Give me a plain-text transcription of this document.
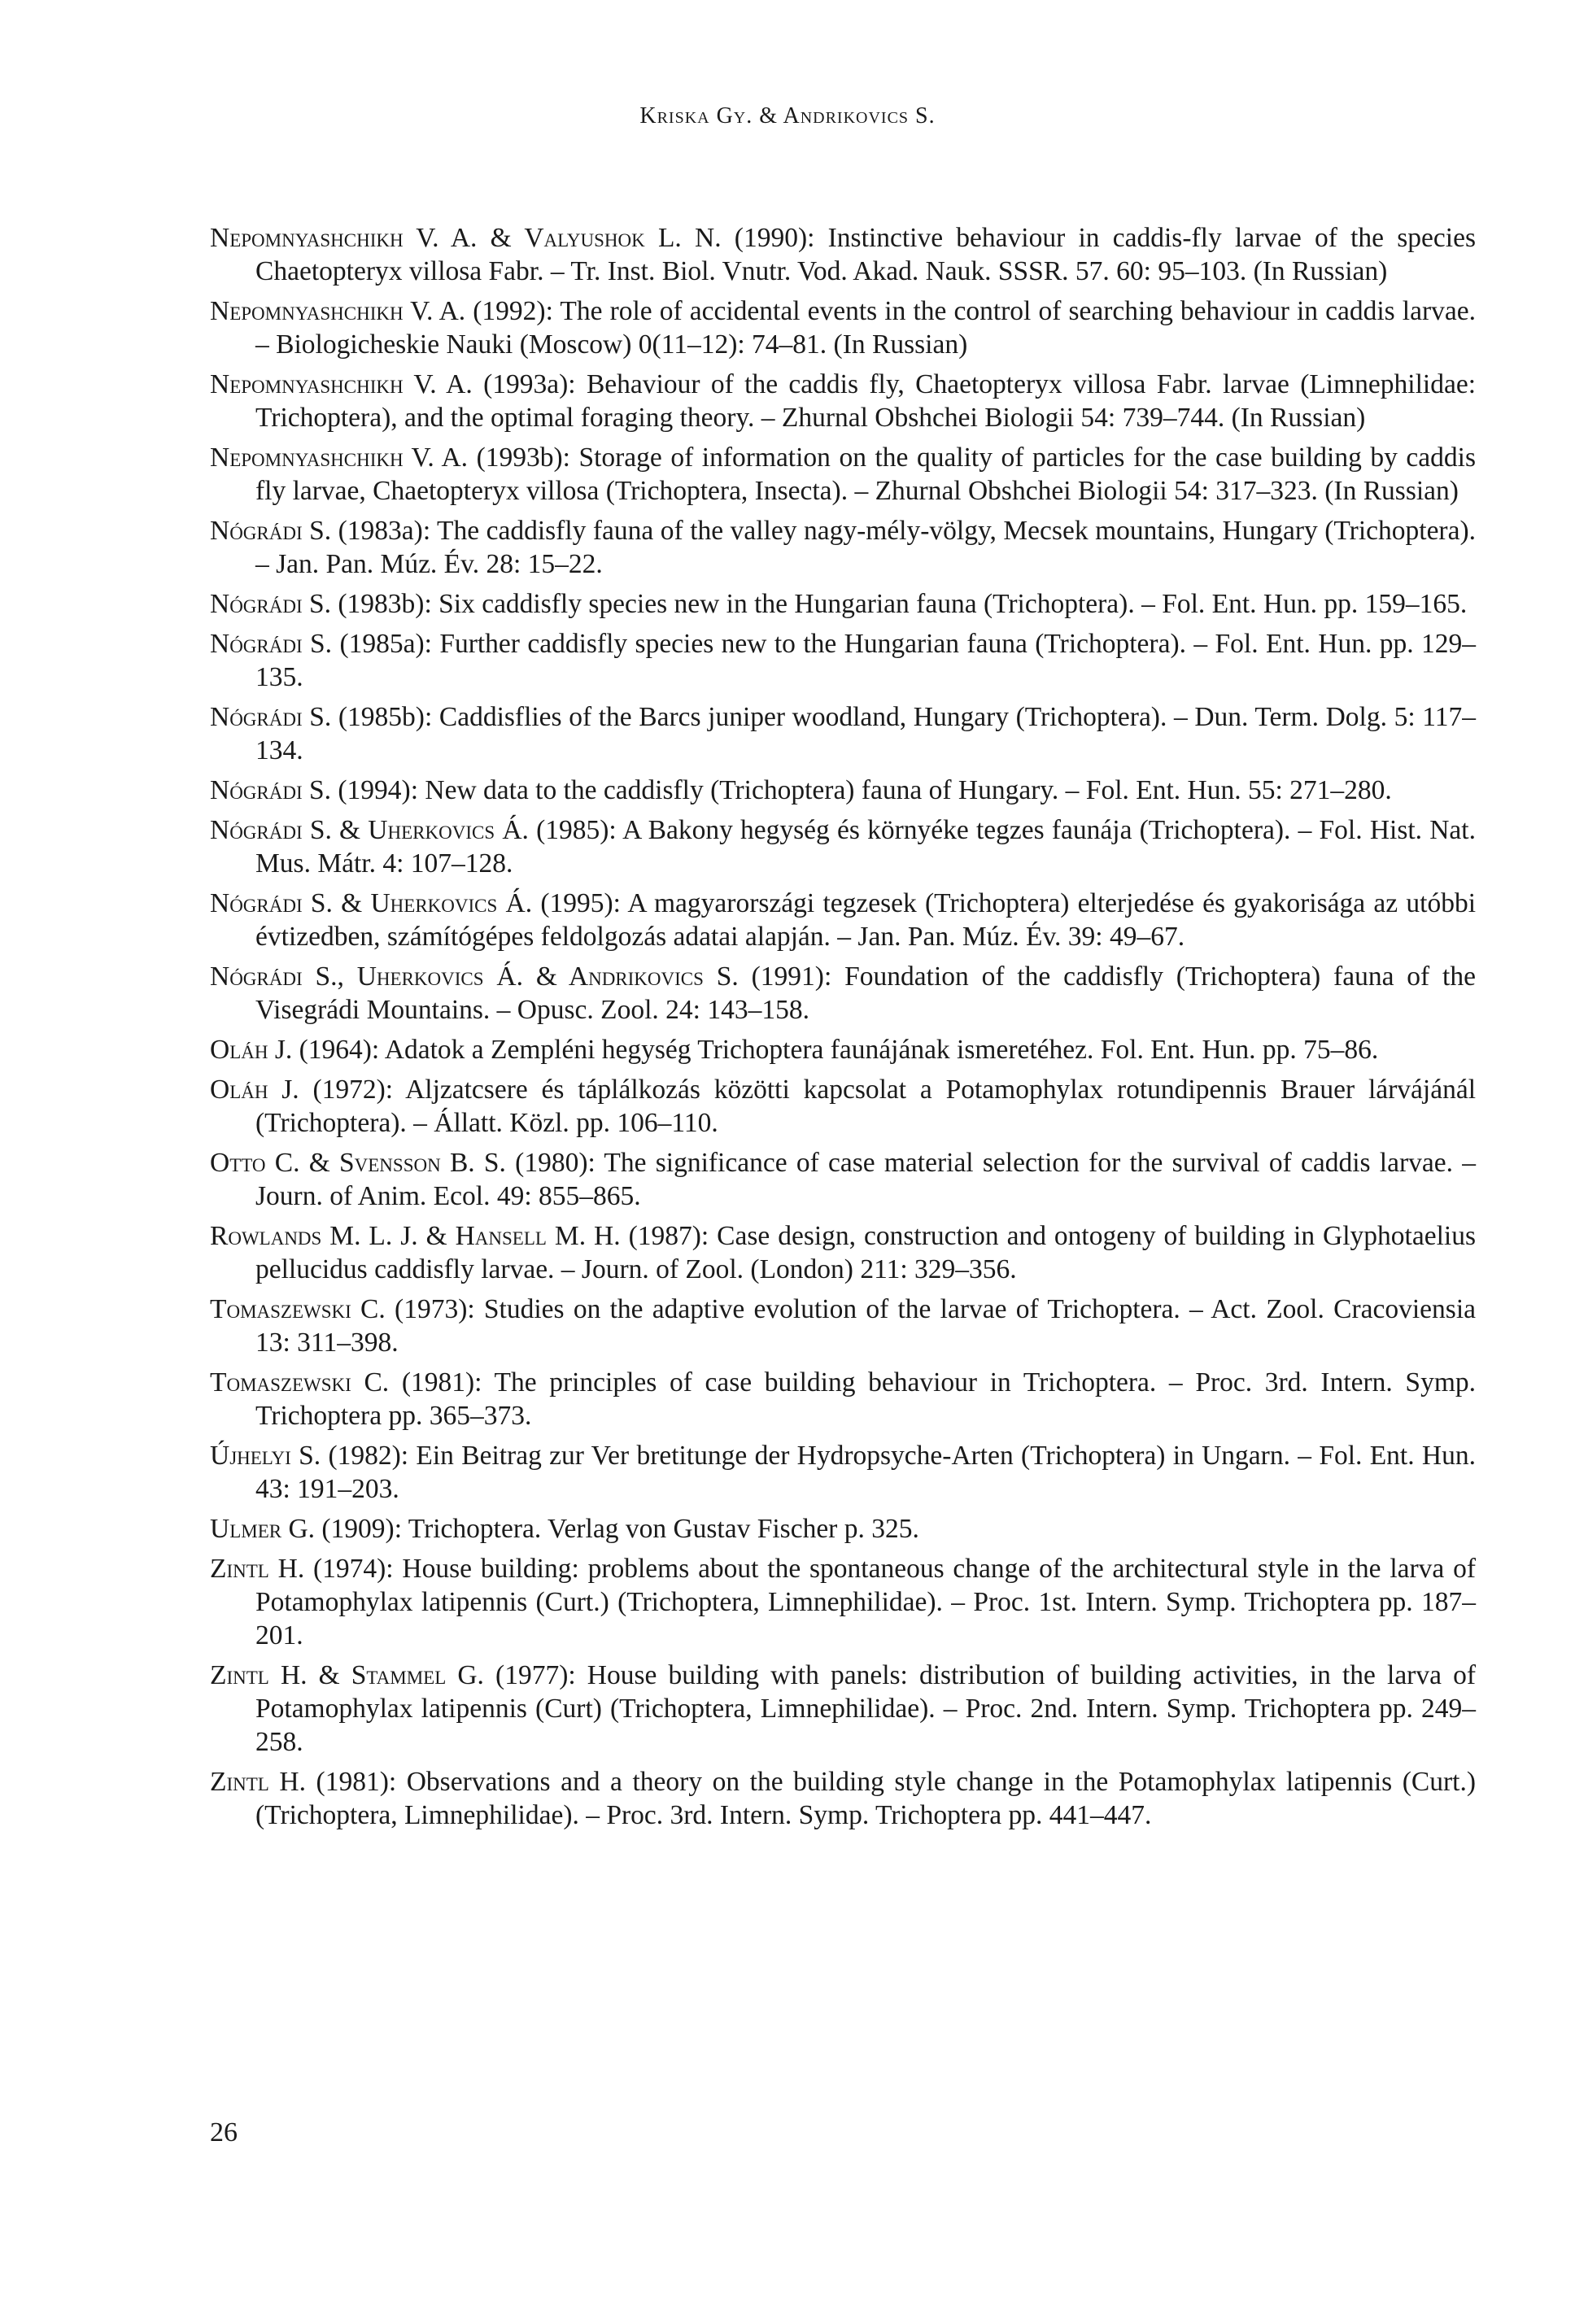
Kriska Gy. & Andrikovics S.
Nepomnyashchikh V. A. & Valyushok L. N. (1990): Instinctive behaviour in caddis-fly larvae of the species Chaetopteryx villosa Fabr. – Tr. Inst. Biol. Vnutr. Vod. Akad. Nauk. SSSR. 57. 60: 95–103. (In Russian)
Nepomnyashchikh V. A. (1992): The role of accidental events in the control of searching behaviour in caddis larvae. – Biologicheskie Nauki (Moscow) 0(11–12): 74–81. (In Russian)
Nepomnyashchikh V. A. (1993a): Behaviour of the caddis fly, Chaetopteryx villosa Fabr. larvae (Limnephilidae: Trichoptera), and the optimal foraging theory. – Zhurnal Obshchei Biologii 54: 739–744. (In Russian)
Nepomnyashchikh V. A. (1993b): Storage of information on the quality of particles for the case building by caddis fly larvae, Chaetopteryx villosa (Trichoptera, Insecta). – Zhurnal Obshchei Biologii 54: 317–323. (In Russian)
Nógrádi S. (1983a): The caddisfly fauna of the valley nagy-mély-völgy, Mecsek mountains, Hungary (Trichoptera). – Jan. Pan. Múz. Év. 28: 15–22.
Nógrádi S. (1983b): Six caddisfly species new in the Hungarian fauna (Trichoptera). – Fol. Ent. Hun. pp. 159–165.
Nógrádi S. (1985a): Further caddisfly species new to the Hungarian fauna (Trichoptera). – Fol. Ent. Hun. pp. 129–135.
Nógrádi S. (1985b): Caddisflies of the Barcs juniper woodland, Hungary (Trichoptera). – Dun. Term. Dolg. 5: 117–134.
Nógrádi S. (1994): New data to the caddisfly (Trichoptera) fauna of Hungary. – Fol. Ent. Hun. 55: 271–280.
Nógrádi S. & Uherkovics Á. (1985): A Bakony hegység és környéke tegzes faunája (Trichoptera). – Fol. Hist. Nat. Mus. Mátr. 4: 107–128.
Nógrádi S. & Uherkovics Á. (1995): A magyarországi tegzesek (Trichoptera) elterjedése és gyakorisága az utóbbi évtizedben, számítógépes feldolgozás adatai alapján. – Jan. Pan. Múz. Év. 39: 49–67.
Nógrádi S., Uherkovics Á. & Andrikovics S. (1991): Foundation of the caddisfly (Trichoptera) fauna of the Visegrádi Mountains. – Opusc. Zool. 24: 143–158.
Oláh J. (1964): Adatok a Zempléni hegység Trichoptera faunájának ismeretéhez. Fol. Ent. Hun. pp. 75–86.
Oláh J. (1972): Aljzatcsere és táplálkozás közötti kapcsolat a Potamophylax rotundipennis Brauer lárvájánál (Trichoptera). – Állatt. Közl. pp. 106–110.
Otto C. & Svensson B. S. (1980): The significance of case material selection for the survival of caddis larvae. – Journ. of Anim. Ecol. 49: 855–865.
Rowlands M. L. J. & Hansell M. H. (1987): Case design, construction and ontogeny of building in Glyphotaelius pellucidus caddisfly larvae. – Journ. of Zool. (London) 211: 329–356.
Tomaszewski C. (1973): Studies on the adaptive evolution of the larvae of Trichoptera. – Act. Zool. Cracoviensia 13: 311–398.
Tomaszewski C. (1981): The principles of case building behaviour in Trichoptera. – Proc. 3rd. Intern. Symp. Trichoptera pp. 365–373.
Újhelyi S. (1982): Ein Beitrag zur Ver bretitunge der Hydropsyche-Arten (Trichoptera) in Ungarn. – Fol. Ent. Hun. 43: 191–203.
Ulmer G. (1909): Trichoptera. Verlag von Gustav Fischer p. 325.
Zintl H. (1974): House building: problems about the spontaneous change of the architectural style in the larva of Potamophylax latipennis (Curt.) (Trichoptera, Limnephilidae). – Proc. 1st. Intern. Symp. Trichoptera pp. 187–201.
Zintl H. & Stammel G. (1977): House building with panels: distribution of building activities, in the larva of Potamophylax latipennis (Curt) (Trichoptera, Limnephilidae). – Proc. 2nd. Intern. Symp. Trichoptera pp. 249–258.
Zintl H. (1981): Observations and a theory on the building style change in the Potamophylax latipennis (Curt.) (Trichoptera, Limnephilidae). – Proc. 3rd. Intern. Symp. Trichoptera pp. 441–447.
26
